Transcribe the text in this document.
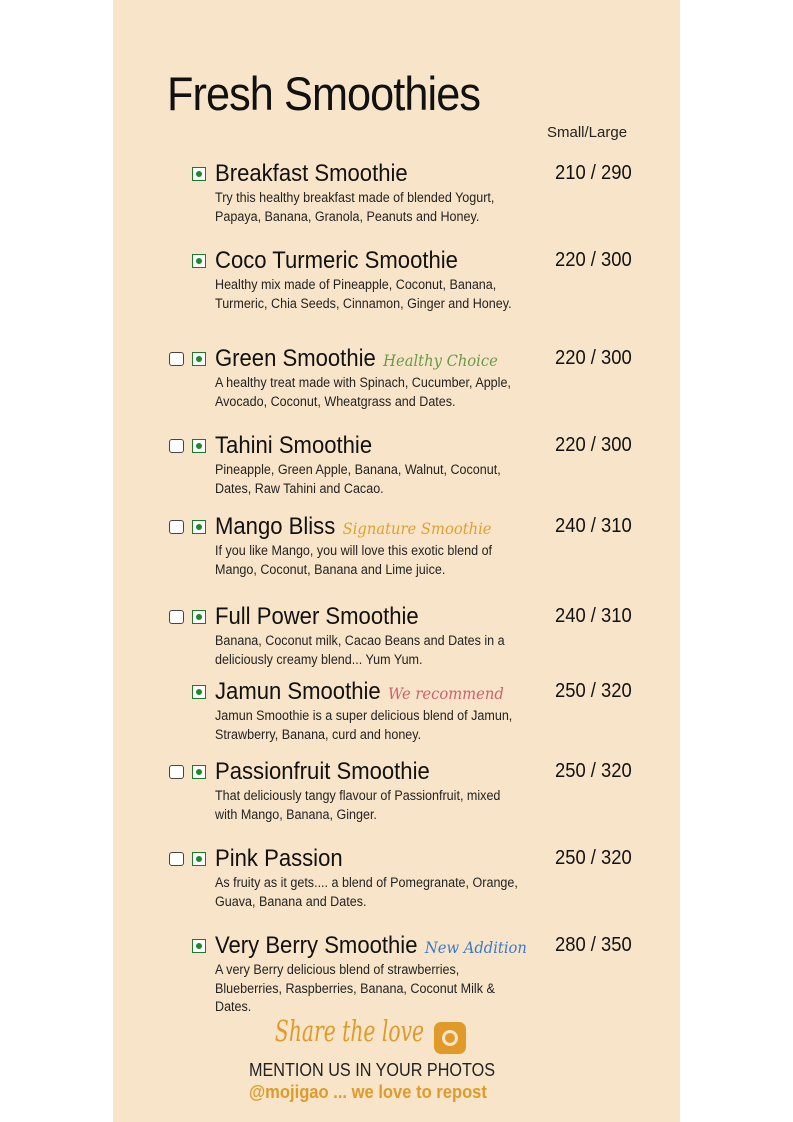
Fresh Smoothies
Small/Large
Breakfast Smoothie	210 / 290
Try this healthy breakfast made of blended Yogurt, Papaya, Banana, Granola, Peanuts and Honey.
Coco Turmeric Smoothie	220 / 300
Healthy mix made of Pineapple, Coconut, Banana, Turmeric, Chia Seeds, Cinnamon, Ginger and Honey.
Green Smoothie Healthy Choice	220 / 300
A healthy treat made with Spinach, Cucumber, Apple, Avocado, Coconut, Wheatgrass and Dates.
Tahini Smoothie	220 / 300
Pineapple, Green Apple, Banana, Walnut, Coconut, Dates, Raw Tahini and Cacao.
Mango Bliss Signature Smoothie	240 / 310
If you like Mango, you will love this exotic blend of Mango, Coconut, Banana and Lime juice.
Full Power Smoothie	240 / 310
Banana, Coconut milk, Cacao Beans and Dates in a deliciously creamy blend... Yum Yum.
Jamun Smoothie We recommend	250 / 320
Jamun Smoothie is a super delicious blend of Jamun, Strawberry, Banana, curd and honey.
Passionfruit Smoothie	250 / 320
That deliciously tangy flavour of Passionfruit, mixed with Mango, Banana, Ginger.
Pink Passion	250 / 320
As fruity as it gets.... a blend of Pomegranate, Orange, Guava, Banana and Dates.
Very Berry Smoothie New Addition 280 / 350
A very Berry delicious blend of strawberries, Blueberries, Raspberries, Banana, Coconut Milk & Dates.
Share the love
MENTION US IN YOUR PHOTOS
@mojigao ... we love to repost
